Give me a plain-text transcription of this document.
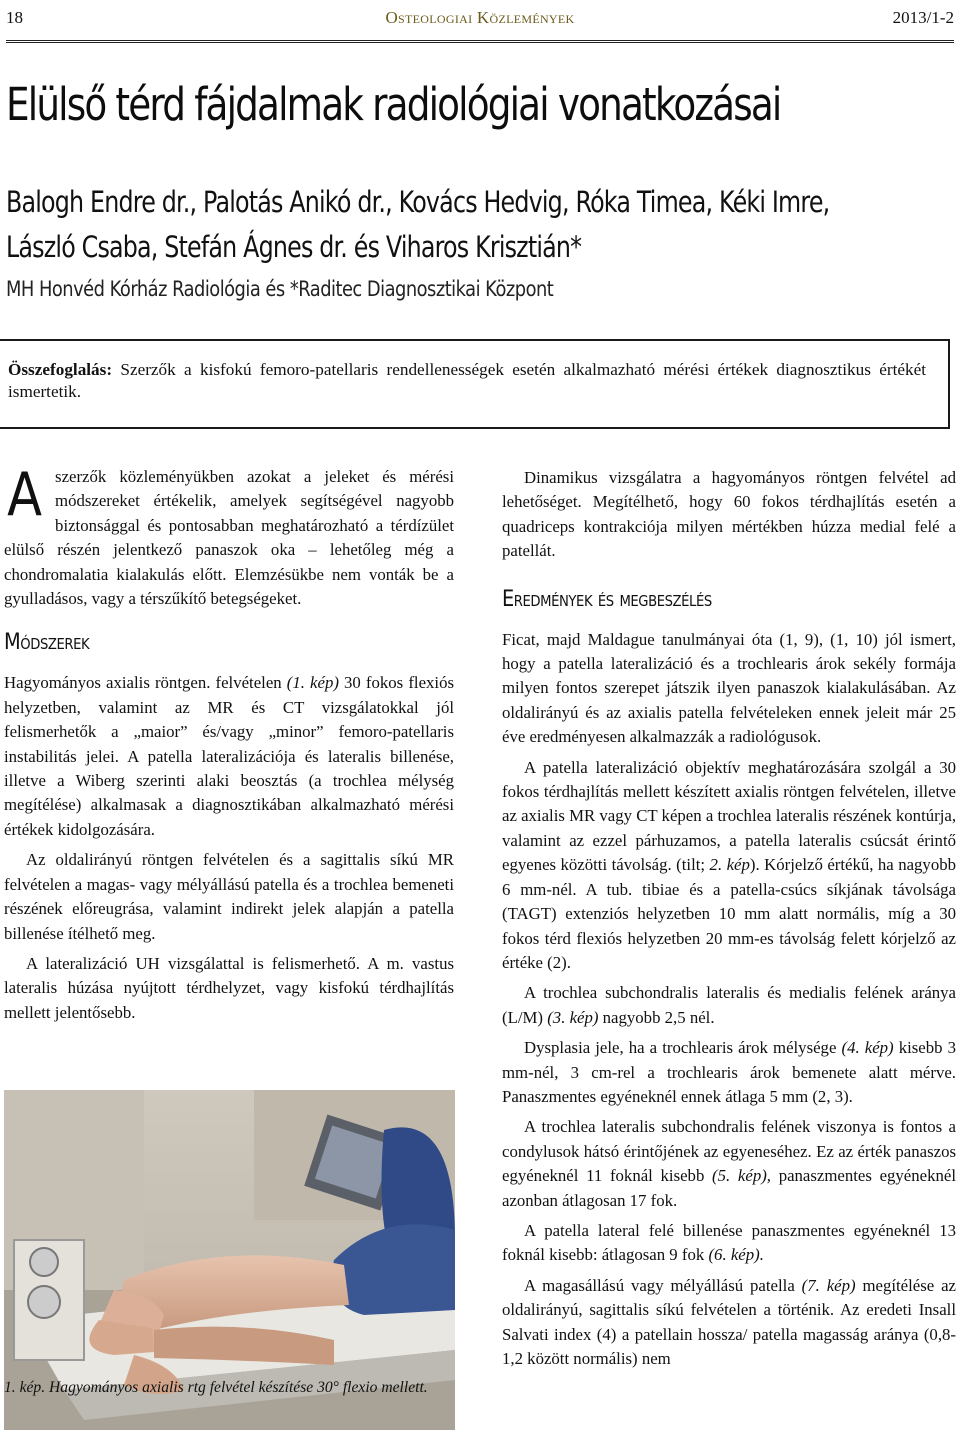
18	Osteologiai Közlemények	2013/1-2
Elülső térd fájdalmak radiológiai vonatkozásai
Balogh Endre dr., Palotás Anikó dr., Kovács Hedvig, Róka Timea, Kéki Imre,
László Csaba, Stefán Ágnes dr. és Viharos Krisztián*
MH Honvéd Kórház Radiológia és *Raditec Diagnosztikai Központ
Összefoglalás: Szerzők a kisfokú femoro-patellaris rendellenességek esetén alkalmazható mérési értékek diagnosztikus értékét ismertetik.

A szerzők közleményükben azokat a jeleket és mérési módszereket értékelik, amelyek segítségével nagyobb biztonsággal és pontosabban meghatározható a térdízület elülső részén jelentkező panaszok oka – lehetőleg még a chondromalatia kialakulás előtt. Elemzésükbe nem vonták be a gyulladásos, vagy a térszűkítő betegségeket.

Módszerek

Hagyományos axialis röntgen. felvételen (1. kép) 30 fokos flexiós helyzetben, valamint az MR és CT vizsgálatokkal jól felismerhetők a „maior” és/vagy „minor” femoro-patellaris instabilitás jelei. A patella lateralizációja és lateralis billenése, illetve a Wiberg szerinti alaki beosztás (a trochlea mélység megítélése) alkalmasak a diagnosztikában alkalmazható mérési értékek kidolgozására.

Az oldalirányú röntgen felvételen és a sagittalis síkú MR felvételen a magas- vagy mélyállású patella és a trochlea bemeneti részének előreugrása, valamint indirekt jelek alapján a patella billenése ítélhető meg.

A lateralizáció UH vizsgálattal is felismerhető. A m. vastus lateralis húzása nyújtott térdhelyzet, vagy kisfokú térdhajlítás mellett jelentősebb.

1. kép. Hagyományos axialis rtg felvétel készítése 30° flexio mellett.

Dinamikus vizsgálatra a hagyományos röntgen felvétel ad lehetőséget. Megítélhető, hogy 60 fokos térdhajlítás esetén a quadriceps kontrakciója milyen mértékben húzza medial felé a patellát.

Eredmények és megbeszélés

Ficat, majd Maldague tanulmányai óta (1, 9), (1, 10) jól ismert, hogy a patella lateralizáció és a trochlearis árok sekély formája milyen fontos szerepet játszik ilyen panaszok kialakulásában. Az oldalirányú és az axialis patella felvételeken ennek jeleit már 25 éve eredményesen alkalmazzák a radiológusok.

A patella lateralizáció objektív meghatározására szolgál a 30 fokos térdhajlítás mellett készített axialis röntgen felvételen, illetve az axialis MR vagy CT képen a trochlea lateralis részének kontúrja, valamint az ezzel párhuzamos, a patella lateralis csúcsát érintő egyenes közötti távolság. (tilt; 2. kép). Kórjelző értékű, ha nagyobb 6 mm-nél. A tub. tibiae és a patella-csúcs síkjának távolsága (TAGT) extenziós helyzetben 10 mm alatt normális, míg a 30 fokos térd flexiós helyzetben 20 mm-es távolság felett kórjelző az értéke (2).

A trochlea subchondralis lateralis és medialis felének aránya (L/M) (3. kép) nagyobb 2,5 nél.

Dysplasia jele, ha a trochlearis árok mélysége (4. kép) kisebb 3 mm-nél, 3 cm-rel a trochlearis árok bemenete alatt mérve. Panaszmentes egyéneknél ennek átlaga 5 mm (2, 3).

A trochlea lateralis subchondralis felének viszonya is fontos a condylusok hátsó érintőjének az egyeneséhez. Ez az érték panaszos egyéneknél 11 foknál kisebb (5. kép), panaszmentes egyéneknél azonban átlagosan 17 fok.

A patella lateral felé billenése panaszmentes egyéneknél 13 foknál kisebb: átlagosan 9 fok (6. kép).

A magasállású vagy mélyállású patella (7. kép) megítélése az oldalirányú, sagittalis síkú felvételen a történik. Az eredeti Insall Salvati index (4) a patellain hossza/ patella magasság aránya (0,8-1,2 között normális) nem
